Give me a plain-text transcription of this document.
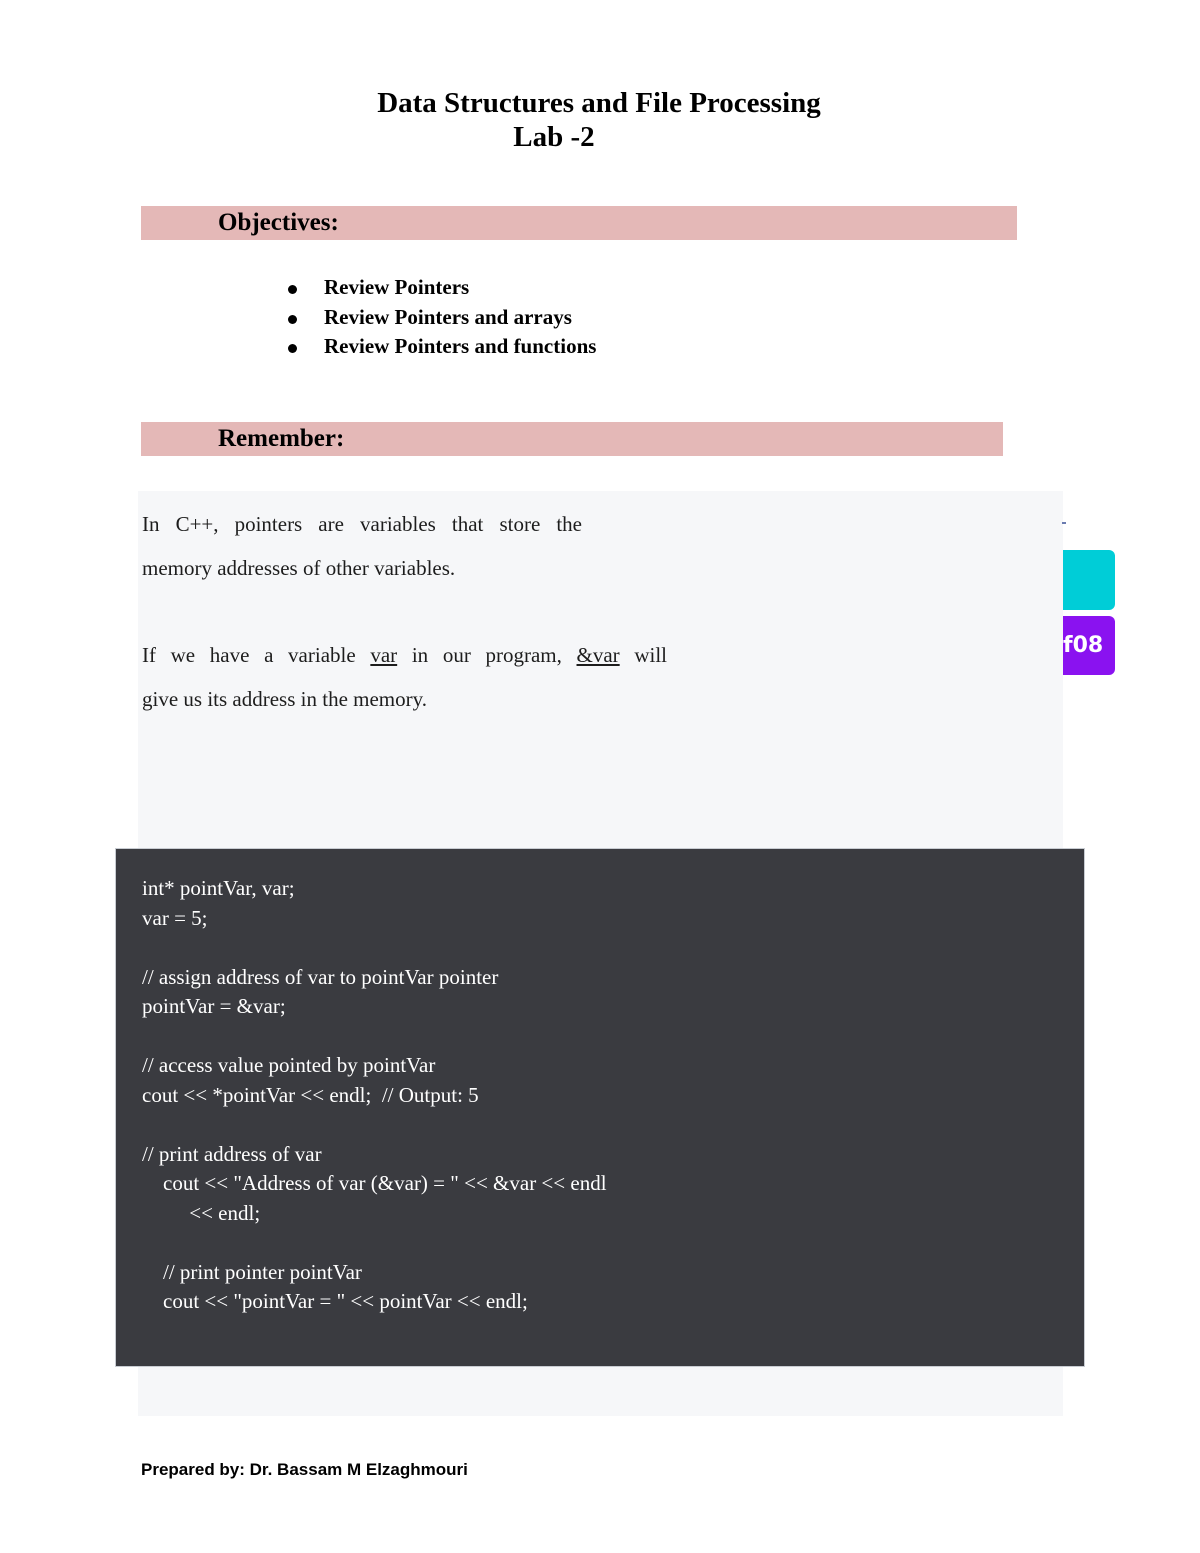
Data Structures and File Processing
Lab -2
Objectives:
Review Pointers
Review Pointers and arrays
Review Pointers and functions
Remember:
In C++, pointers are variables that store the
memory addresses of other variables.
If we have a variable var in our program, &var will
give us its address in the memory.
int* pointVar, var;
var = 5;
// assign address of var to pointVar pointer
pointVar = &var;
// access value pointed by pointVar
cout << *pointVar << endl;  // Output: 5
// print address of var
cout << "Address of var (&var) = " << &var << endl
<< endl;
// print pointer pointVar
cout << "pointVar = " << pointVar << endl;
f08
Prepared by: Dr. Bassam M Elzaghmouri
